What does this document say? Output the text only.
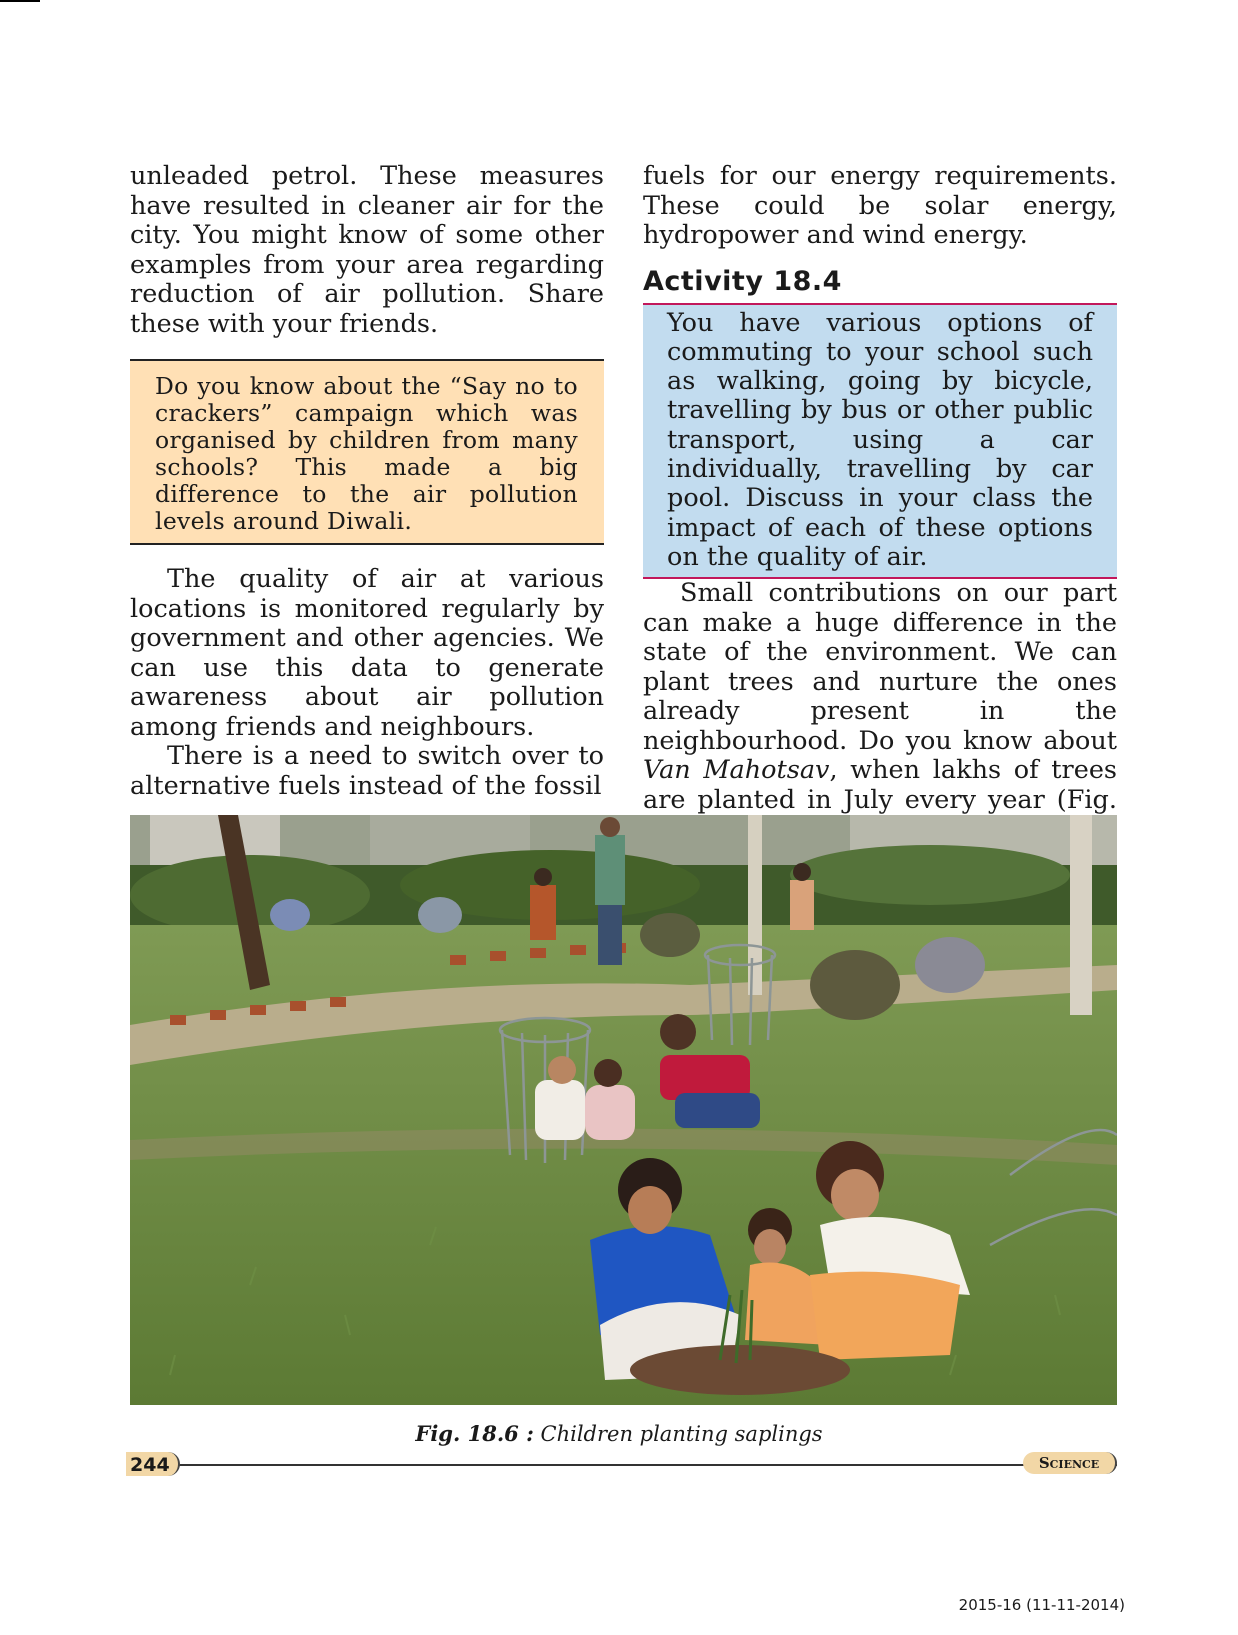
unleaded petrol. These measures have resulted in cleaner air for the city. You might know of some other examples from your area regarding reduction of air pollution. Share these with your friends.

Do you know about the “Say no to crackers” campaign which was organised by children from many schools? This made a big difference to the air pollution levels around Diwali.

The quality of air at various locations is monitored regularly by government and other agencies. We can use this data to generate awareness about air pollution among friends and neighbours.

There is a need to switch over to alternative fuels instead of the fossil

fuels for our energy requirements. These could be solar energy, hydropower and wind energy.

Activity 18.4

You have various options of commuting to your school such as walking, going by bicycle, travelling by bus or other public transport, using a car individually, travelling by car pool. Discuss in your class the impact of each of these options on the quality of air.

Small contributions on our part can make a huge difference in the state of the environment. We can plant trees and nurture the ones already present in the neighbourhood. Do you know about Van Mahotsav, when lakhs of trees are planted in July every year (Fig.

Fig. 18.6 : Children planting saplings
244	Science
2015-16 (11-11-2014)
